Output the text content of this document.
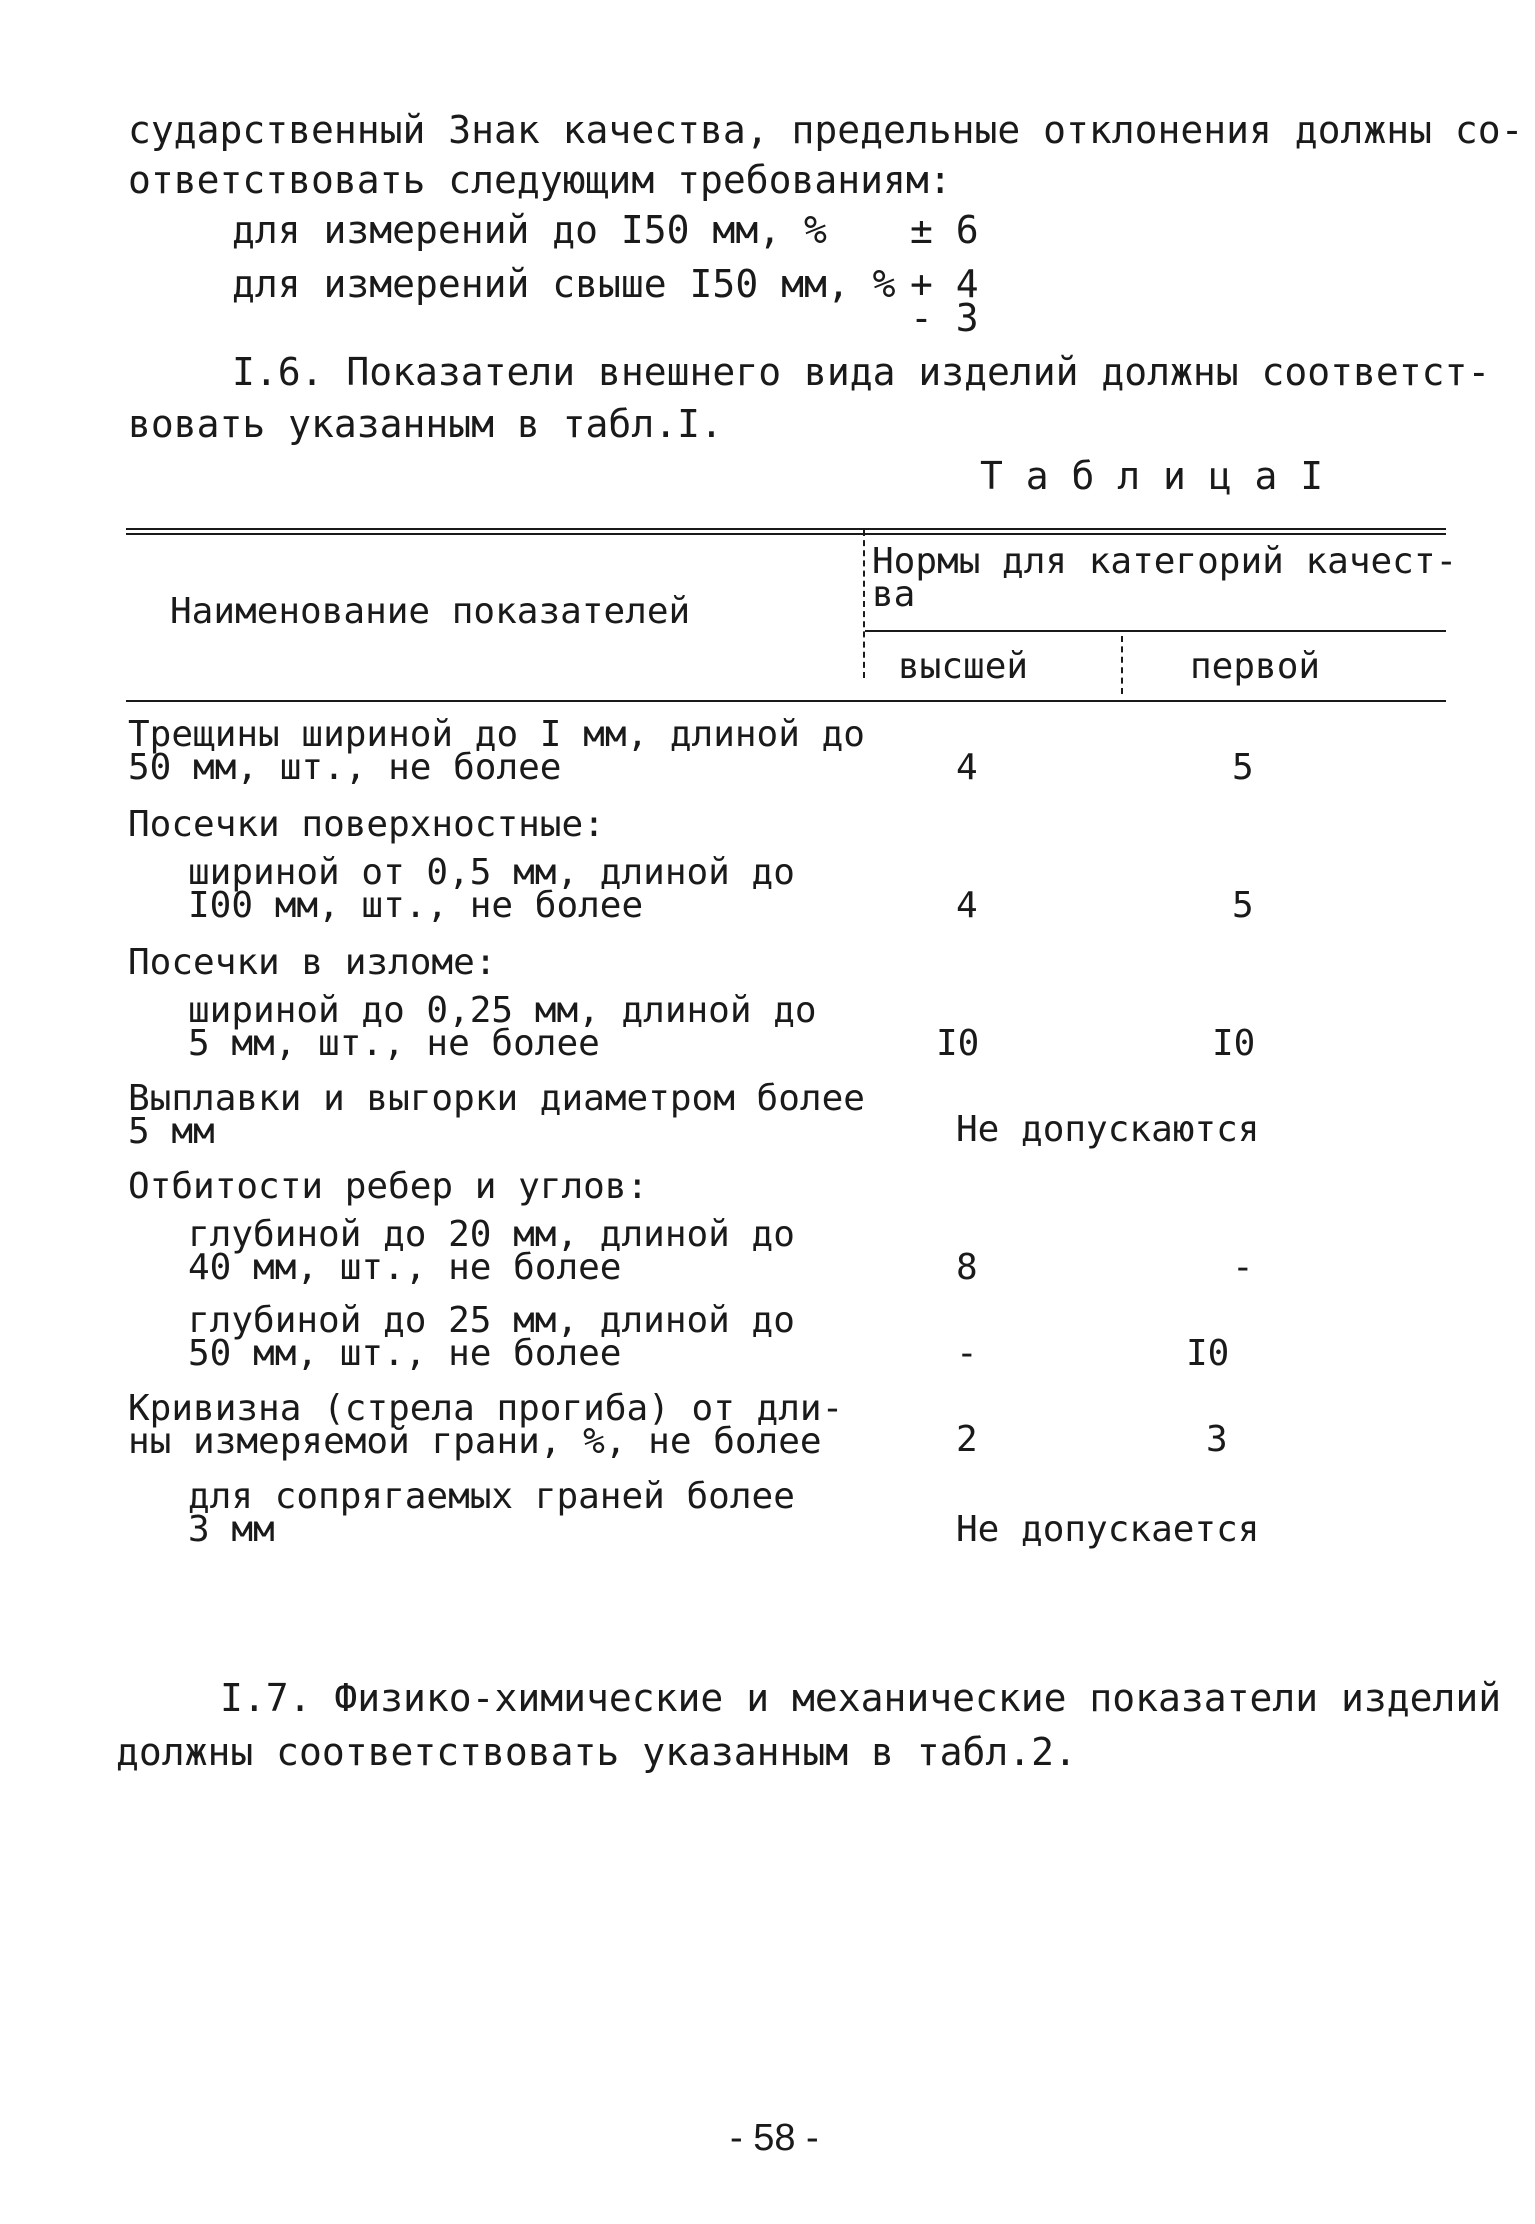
сударственный Знак качества, предельные отклонения должны со-
ответствовать следующим требованиям:
для измерений до I50 мм, % ± 6
для измерений свыше I50 мм, % + 4
- 3
I.6. Показатели внешнего вида изделий должны соответст-
вовать указанным в табл.I.
Т а б л и ц а I
Наименование показателей
Нормы для категорий качест-
ва
высшей	первой
Трещины шириной до I мм, длиной до
50 мм, шт., не более	4	5
Посечки поверхностные:
шириной от 0,5 мм, длиной до
I00 мм, шт., не более	4	5
Посечки в изломе:
шириной до 0,25 мм, длиной до
5 мм, шт., не более	I0	I0
Выплавки и выгорки диаметром более
5 мм	Не допускаются
Отбитости ребер и углов:
глубиной до 20 мм, длиной до
40 мм, шт., не более	8	-
глубиной до 25 мм, длиной до
50 мм, шт., не более	-	I0
Кривизна (стрела прогиба) от дли-
ны измеряемой грани, %, не более	2	3
для сопрягаемых граней более
3 мм	Не допускается
I.7. Физико-химические и механические показатели изделий
должны соответствовать указанным в табл.2.
- 58 -
